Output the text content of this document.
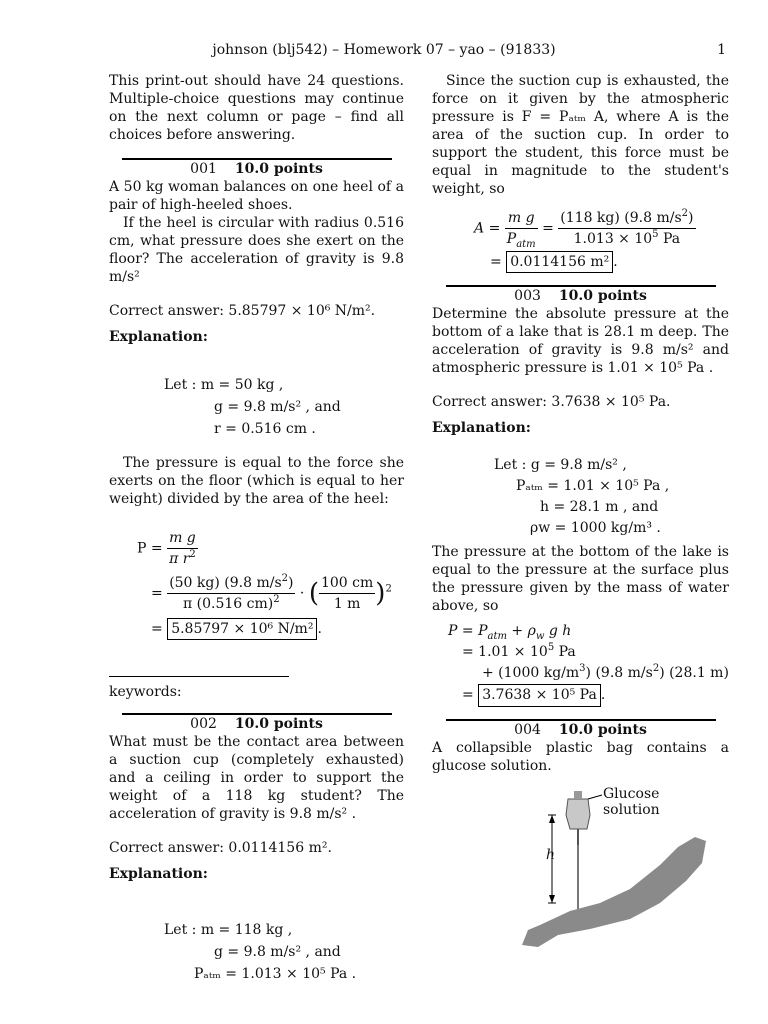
johnson (blj542) – Homework 07 – yao – (91833)	1

This print-out should have 24 questions. Multiple-choice questions may continue on the next column or page – find all choices before answering.

001 10.0 points

A 50 kg woman balances on one heel of a pair of high-heeled shoes.

If the heel is circular with radius 0.516 cm, what pressure does she exert on the floor? The acceleration of gravity is 9.8 m/s²

Correct answer: 5.85797 × 10⁶ N/m².

Explanation:
Let : m = 50 kg ,
g = 9.8 m/s² , and
r = 0.516 cm .

The pressure is equal to the force she exerts on the floor (which is equal to her weight) divided by the area of the heel:

$P = \frac{\text{m g}}{\pi r^2}$
= $\frac{(50 kg) (9.8 m/s^2)}{\pi (0.516 cm)^2}$ · ( $\frac{100 cm}{1 m} )^2$
= 5.85797 × 10⁶ N/m² .

keywords:

002 10.0 points

What must be the contact area between a suction cup (completely exhausted) and a ceiling in order to support the weight of a 118 kg student? The acceleration of gravity is 9.8 m/s² .

Correct answer: 0.0114156 m².

Explanation:
Let : m = 118 kg ,
g = 9.8 m/s² , and
Pₐₜₘ = 1.013 × 10⁵ Pa .

Since the suction cup is exhausted, the force on it given by the atmospheric pressure is F = Pₐₜₘ A, where A is the area of the suction cup. In order to support the student, this force must be equal in magnitude to the student's weight, so

$A = \frac{\text{m g}}{P_{atm}} = \frac{(118 kg) (9.8 m/s^2)}{1.013 \times 10^5 Pa}$
= 0.0114156 m² .
003 10.0 points

Determine the absolute pressure at the bottom of a lake that is 28.1 m deep. The acceleration of gravity is 9.8 m/s² and atmospheric pressure is 1.01 × 10⁵ Pa .

Correct answer: 3.7638 × 10⁵ Pa.

Explanation:
Let : g = 9.8 m/s² ,
Pₐₜₘ = 1.01 × 10⁵ Pa ,
h = 28.1 m , and
ρw = 1000 kg/m³ .

The pressure at the bottom of the lake is equal to the pressure at the surface plus the pressure given by the mass of water above, so

$P = P_{atm} + \rho_w$ g h
= $1.01 \times 10^5$ Pa
+ (1000 $kg/m^3$) (9.8 $m/s^2$) (28.1 m)
= 3.7638 × 10⁵ Pa .
004 10.0 points

A collapsible plastic bag contains a glucose solution.

Glucose
solution
h
